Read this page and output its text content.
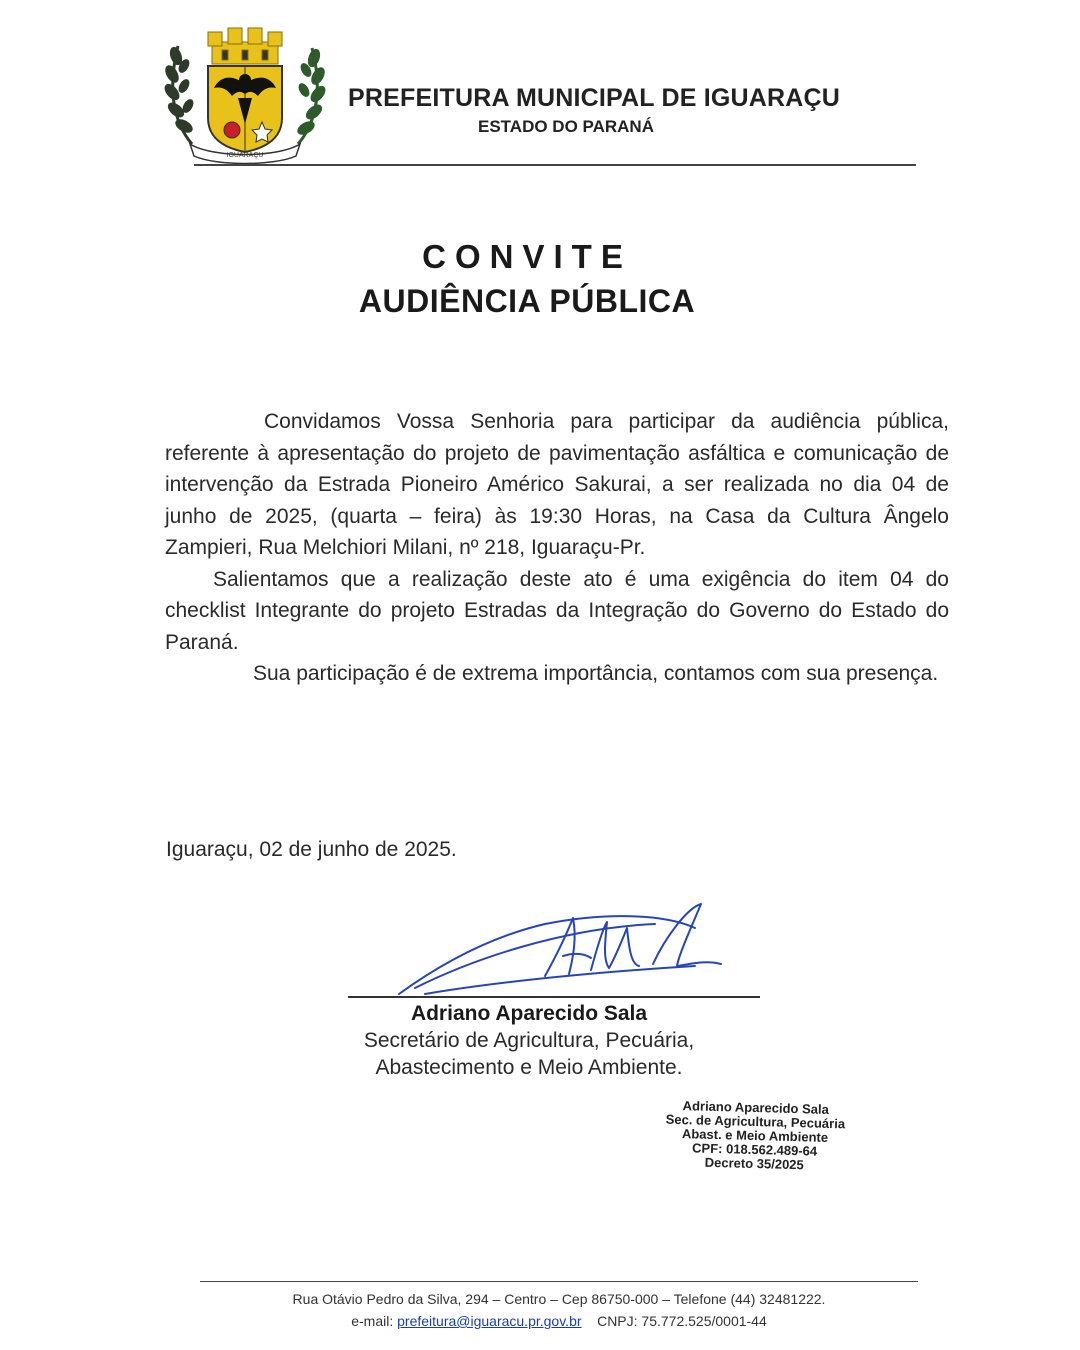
IGUARAÇU
PREFEITURA MUNICIPAL DE IGUARAÇU
ESTADO DO PARANÁ
CONVITE
AUDIÊNCIA PÚBLICA

Convidamos Vossa Senhoria para participar da audiência pública, referente à apresentação do projeto de pavimentação asfáltica e comunicação de intervenção da Estrada Pioneiro Américo Sakurai, a ser realizada no dia 04 de junho de 2025, (quarta – feira) às 19:30 Horas, na Casa da Cultura Ângelo Zampieri, Rua Melchiori Milani, nº 218, Iguaraçu-Pr.

Salientamos que a realização deste ato é uma exigência do item 04 do checklist Integrante do projeto Estradas da Integração do Governo do Estado do Paraná.

Sua participação é de extrema importância, contamos com sua presença.

Iguaraçu, 02 de junho de 2025.
Adriano Aparecido Sala
Secretário de Agricultura, Pecuária,
Abastecimento e Meio Ambiente.
Adriano Aparecido Sala
Sec. de Agricultura, Pecuária
Abast. e Meio Ambiente
CPF: 018.562.489-64
Decreto 35/2025
Rua Otávio Pedro da Silva, 294 – Centro – Cep 86750-000 – Telefone (44) 32481222.
e-mail: prefeitura@iguaracu.pr.gov.br CNPJ: 75.772.525/0001-44
